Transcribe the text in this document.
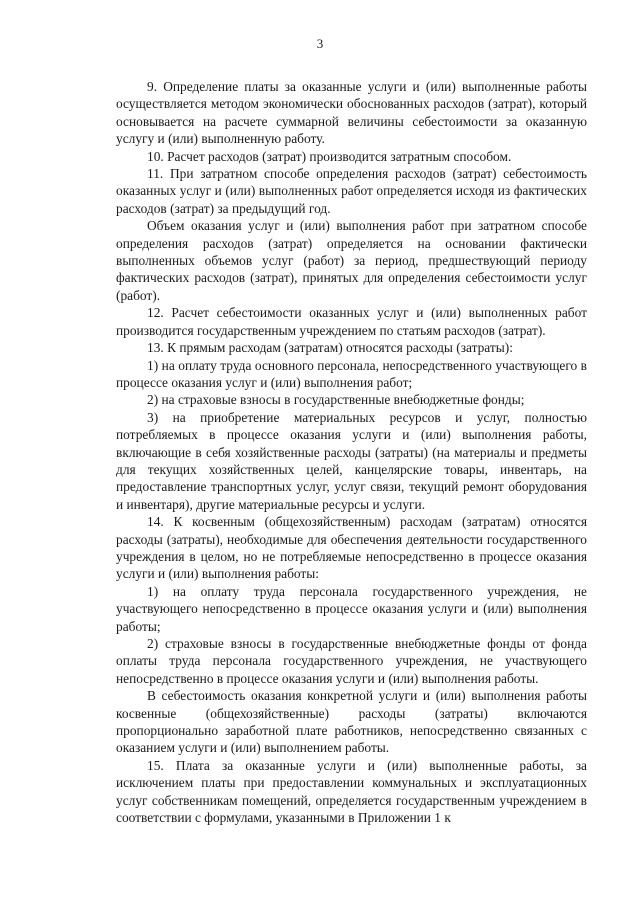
3

9. Определение платы за оказанные услуги и (или) выполненные работы осуществляется методом экономически обоснованных расходов (затрат), который основывается на расчете суммарной величины себестоимости за оказанную услугу и (или) выполненную работу.

10. Расчет расходов (затрат) производится затратным способом.

11. При затратном способе определения расходов (затрат) себестоимость оказанных услуг и (или) выполненных работ определяется исходя из фактических расходов (затрат) за предыдущий год.

Объем оказания услуг и (или) выполнения работ при затратном способе определения расходов (затрат) определяется на основании фактически выполненных объемов услуг (работ) за период, предшествующий периоду фактических расходов (затрат), принятых для определения себестоимости услуг (работ).

12. Расчет себестоимости оказанных услуг и (или) выполненных работ производится государственным учреждением по статьям расходов (затрат).

13. К прямым расходам (затратам) относятся расходы (затраты):

1) на оплату труда основного персонала, непосредственного участвующего в процессе оказания услуг и (или) выполнения работ;

2) на страховые взносы в государственные внебюджетные фонды;

3) на приобретение материальных ресурсов и услуг, полностью потребляемых в процессе оказания услуги и (или) выполнения работы, включающие в себя хозяйственные расходы (затраты) (на материалы и предметы для текущих хозяйственных целей, канцелярские товары, инвентарь, на предоставление транспортных услуг, услуг связи, текущий ремонт оборудования и инвентаря), другие материальные ресурсы и услуги.

14. К косвенным (общехозяйственным) расходам (затратам) относятся расходы (затраты), необходимые для обеспечения деятельности государственного учреждения в целом, но не потребляемые непосредственно в процессе оказания услуги и (или) выполнения работы:

1) на оплату труда персонала государственного учреждения, не участвующего непосредственно в процессе оказания услуги и (или) выполнения работы;

2) страховые взносы в государственные внебюджетные фонды от фонда оплаты труда персонала государственного учреждения, не участвующего непосредственно в процессе оказания услуги и (или) выполнения работы.

В себестоимость оказания конкретной услуги и (или) выполнения работы косвенные (общехозяйственные) расходы (затраты) включаются пропорционально заработной плате работников, непосредственно связанных с оказанием услуги и (или) выполнением работы.

15. Плата за оказанные услуги и (или) выполненные работы, за исключением платы при предоставлении коммунальных и эксплуатационных услуг собственникам помещений, определяется государственным учреждением в соответствии с формулами, указанными в Приложении 1 к
